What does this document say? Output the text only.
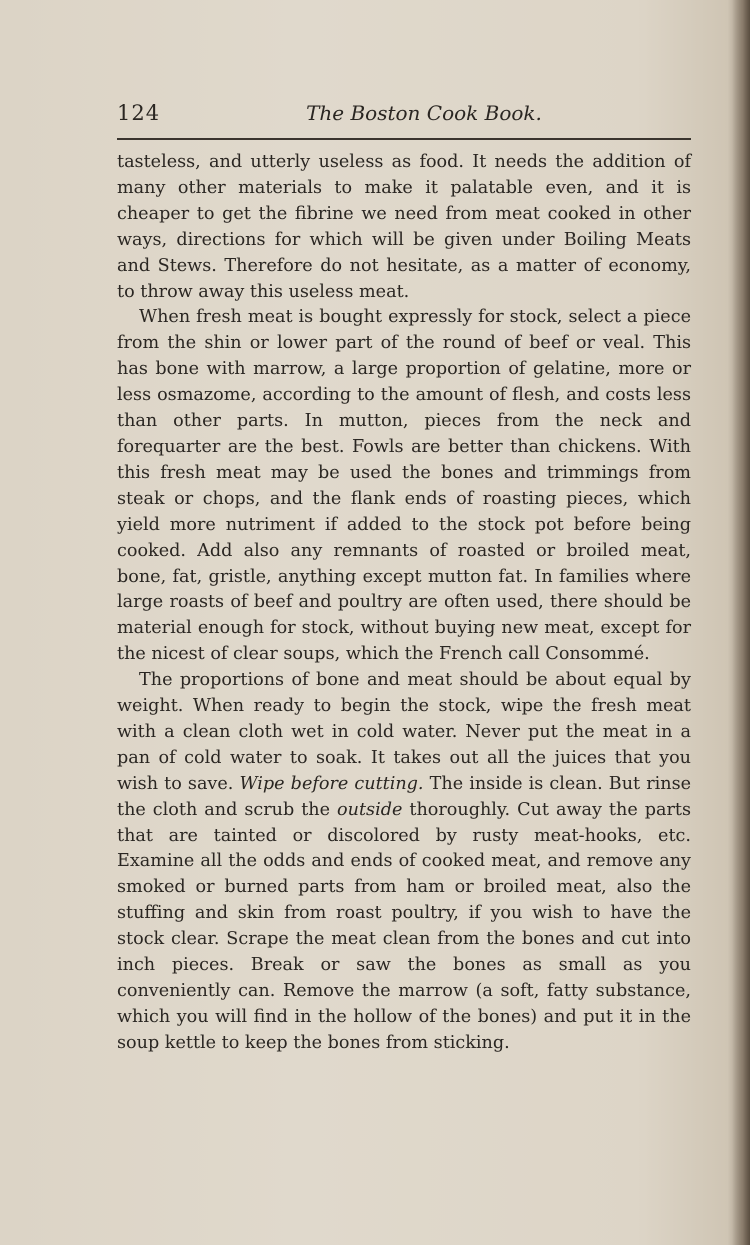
124	The Boston Cook Book.

tasteless, and utterly useless as food. It needs the addition of many other materials to make it palatable even, and it is cheaper to get the fibrine we need from meat cooked in other ways, directions for which will be given under Boiling Meats and Stews. Therefore do not hesitate, as a matter of economy, to throw away this useless meat.

When fresh meat is bought expressly for stock, select a piece from the shin or lower part of the round of beef or veal. This has bone with marrow, a large proportion of gelatine, more or less osmazome, according to the amount of flesh, and costs less than other parts. In mutton, pieces from the neck and forequarter are the best. Fowls are better than chickens. With this fresh meat may be used the bones and trimmings from steak or chops, and the flank ends of roasting pieces, which yield more nutriment if added to the stock pot before being cooked. Add also any remnants of roasted or broiled meat, bone, fat, gristle, anything except mutton fat. In families where large roasts of beef and poultry are often used, there should be material enough for stock, without buying new meat, except for the nicest of clear soups, which the French call Consommé.

The proportions of bone and meat should be about equal by weight. When ready to begin the stock, wipe the fresh meat with a clean cloth wet in cold water. Never put the meat in a pan of cold water to soak. It takes out all the juices that you wish to save. Wipe before cutting. The inside is clean. But rinse the cloth and scrub the outside thoroughly. Cut away the parts that are tainted or discolored by rusty meat-hooks, etc. Examine all the odds and ends of cooked meat, and remove any smoked or burned parts from ham or broiled meat, also the stuffing and skin from roast poultry, if you wish to have the stock clear. Scrape the meat clean from the bones and cut into inch pieces. Break or saw the bones as small as you conveniently can. Remove the marrow (a soft, fatty substance, which you will find in the hollow of the bones) and put it in the soup kettle to keep the bones from sticking.
